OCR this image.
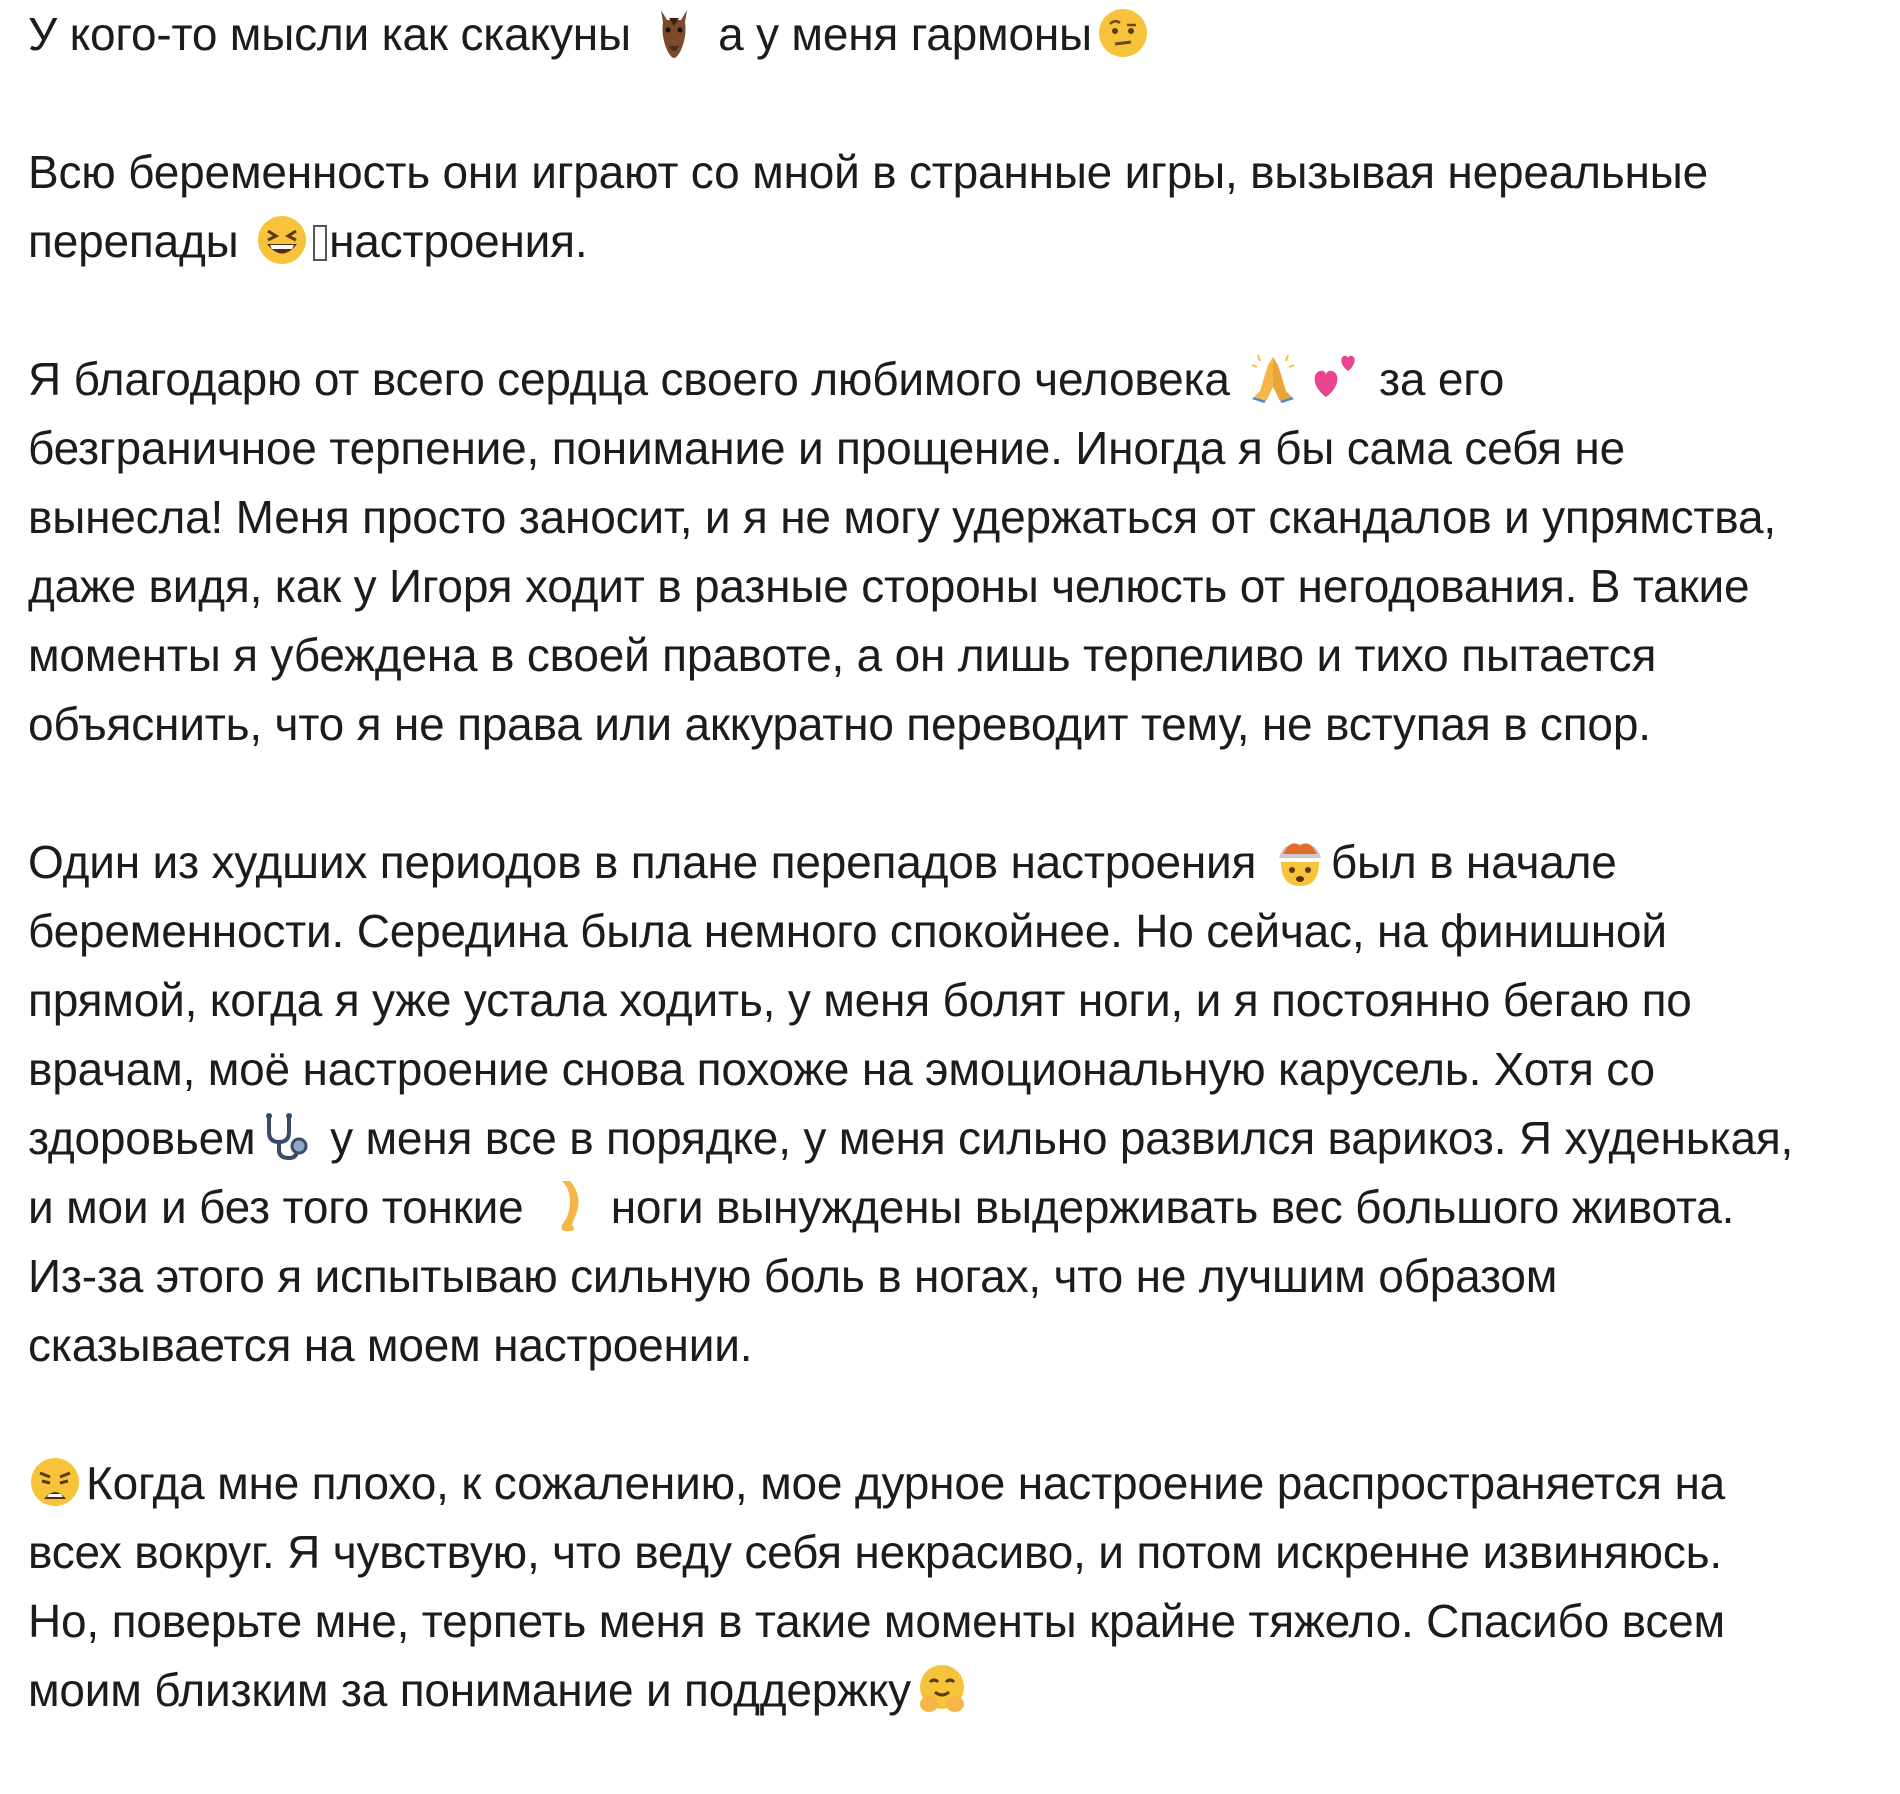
У кого-то мысли как скакуны а у меня гармоны
Всю беременность они играют со мной в странные игры, вызывая нереальные
перепады настроения.
Я благодарю от всего сердца своего любимого человека	за его
безграничное терпение, понимание и прощение. Иногда я бы сама себя не
вынесла! Меня просто заносит, и я не могу удержаться от скандалов и упрямства,
даже видя, как у Игоря ходит в разные стороны челюсть от негодования. В такие
моменты я убеждена в своей правоте, а он лишь терпеливо и тихо пытается
объяснить, что я не права или аккуратно переводит тему, не вступая в спор.
Один из худших периодов в плане перепадов настроения был в начале
беременности. Середина была немного спокойнее. Но сейчас, на финишной
прямой, когда я уже устала ходить, у меня болят ноги, и я постоянно бегаю по
врачам, моё настроение снова похоже на эмоциональную карусель. Хотя со
здоровьем у меня все в порядке, у меня сильно развился варикоз. Я худенькая,
и мои и без того тонкие ноги вынуждены выдерживать вес большого живота.
Из-за этого я испытываю сильную боль в ногах, что не лучшим образом
сказывается на моем настроении.
Когда мне плохо, к сожалению, мое дурное настроение распространяется на
всех вокруг. Я чувствую, что веду себя некрасиво, и потом искренне извиняюсь.
Но, поверьте мне, терпеть меня в такие моменты крайне тяжело. Спасибо всем
моим близким за понимание и поддержку
